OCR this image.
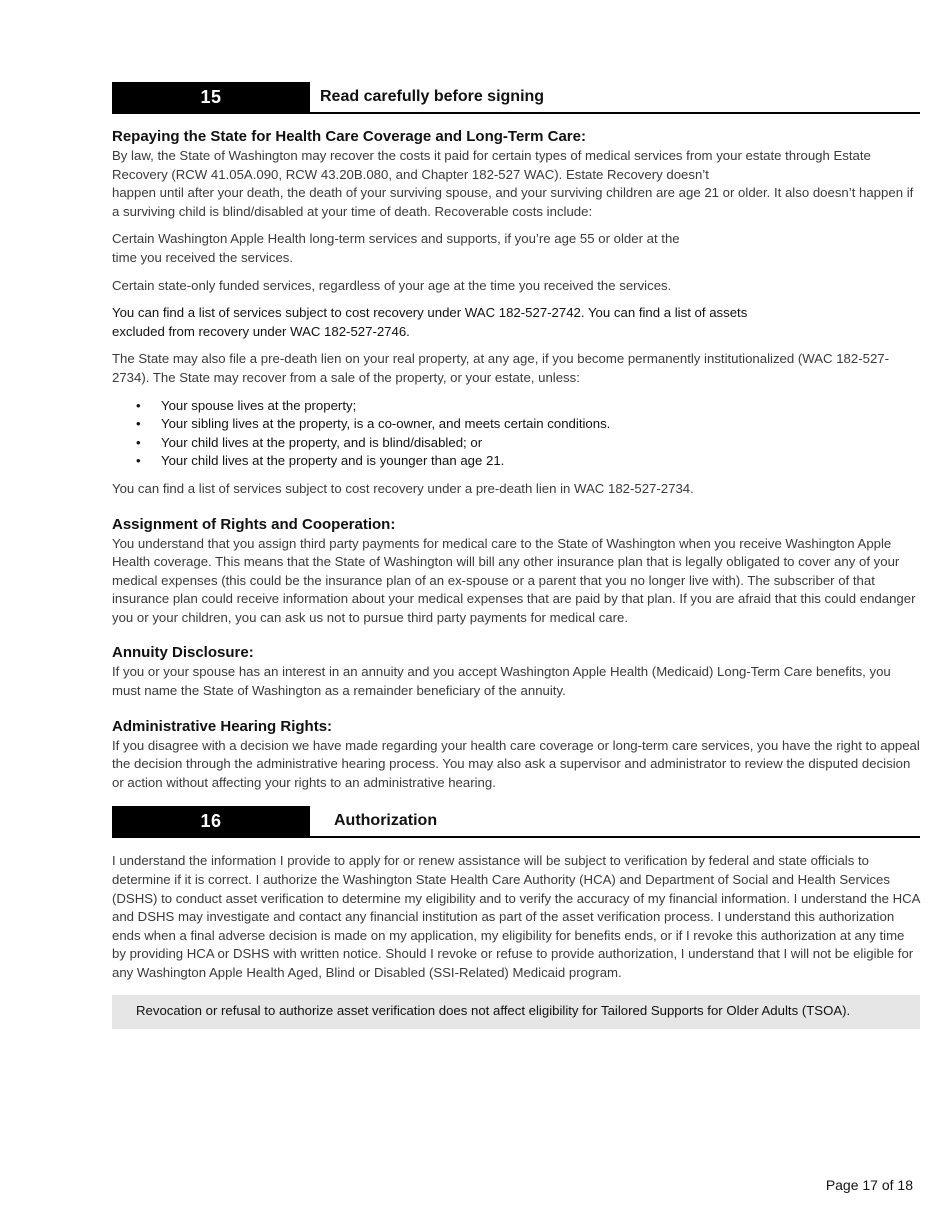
15	Read carefully before signing
Repaying the State for Health Care Coverage and Long-Term Care:

By law, the State of Washington may recover the costs it paid for certain types of medical services from your estate through Estate Recovery (RCW 41.05A.090, RCW 43.20B.080, and Chapter 182-527 WAC). Estate Recovery doesn’t

happen until after your death, the death of your surviving spouse, and your surviving children are age 21 or older. It also doesn’t happen if a surviving child is blind/disabled at your time of death. Recoverable costs include:

Certain Washington Apple Health long-term services and supports, if you’re age 55 or older at the

time you received the services.

Certain state-only funded services, regardless of your age at the time you received the services.

You can find a list of services subject to cost recovery under WAC 182-527-2742. You can find a list of assets

excluded from recovery under WAC 182-527-2746.

The State may also file a pre-death lien on your real property, at any age, if you become permanently institutionalized (WAC 182-527-2734). The State may recover from a sale of the property, or your estate, unless:

• Your spouse lives at the property;
• Your sibling lives at the property, is a co-owner, and meets certain conditions.
• Your child lives at the property, and is blind/disabled; or
• Your child lives at the property and is younger than age 21.

You can find a list of services subject to cost recovery under a pre-death lien in WAC 182-527-2734.

Assignment of Rights and Cooperation:

You understand that you assign third party payments for medical care to the State of Washington when you receive Washington Apple Health coverage. This means that the State of Washington will bill any other insurance plan that is legally obligated to cover any of your medical expenses (this could be the insurance plan of an ex-spouse or a parent that you no longer live with). The subscriber of that insurance plan could receive information about your medical expenses that are paid by that plan. If you are afraid that this could endanger you or your children, you can ask us not to pursue third party payments for medical care.

Annuity Disclosure:

If you or your spouse has an interest in an annuity and you accept Washington Apple Health (Medicaid) Long-Term Care benefits, you must name the State of Washington as a remainder beneficiary of the annuity.

Administrative Hearing Rights:

If you disagree with a decision we have made regarding your health care coverage or long-term care services, you have the right to appeal the decision through the administrative hearing process. You may also ask a supervisor and administrator to review the disputed decision or action without affecting your rights to an administrative hearing.

16	Authorization

I understand the information I provide to apply for or renew assistance will be subject to verification by federal and state officials to determine if it is correct. I authorize the Washington State Health Care Authority (HCA) and Department of Social and Health Services (DSHS) to conduct asset verification to determine my eligibility and to verify the accuracy of my financial information. I understand the HCA and DSHS may investigate and contact any financial institution as part of the asset verification process. I understand this authorization ends when a final adverse decision is made on my application, my eligibility for benefits ends, or if I revoke this authorization at any time by providing HCA or DSHS with written notice. Should I revoke or refuse to provide authorization, I understand that I will not be eligible for any Washington Apple Health Aged, Blind or Disabled (SSI-Related) Medicaid program.

Revocation or refusal to authorize asset verification does not affect eligibility for Tailored Supports for Older Adults (TSOA).

Page 17 of 18
